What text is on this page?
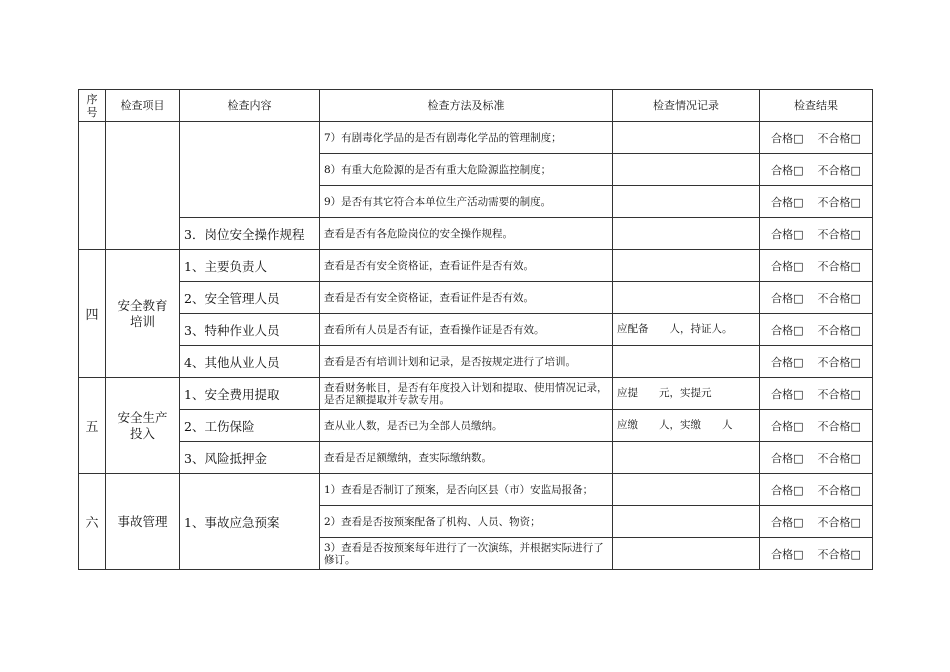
序号	检查项目	检查内容	检查方法及标准	检查情况记录	检查结果
			7）有剧毒化学品的是否有剧毒化学品的管理制度；		合格□ 不合格□
			8）有重大危险源的是否有重大危险源监控制度；		合格□ 不合格□
			9）是否有其它符合本单位生产活动需要的制度。		合格□ 不合格□
		3．岗位安全操作规程	查看是否有各危险岗位的安全操作规程。		合格□ 不合格□
四	安全教育培训	1、主要负责人	查看是否有安全资格证，查看证件是否有效。		合格□ 不合格□
		2、安全管理人员	查看是否有安全资格证，查看证件是否有效。		合格□ 不合格□
		3、特种作业人员	查看所有人员是否有证，查看操作证是否有效。	应配备　　人，持证人。	合格□ 不合格□
		4、其他从业人员	查看是否有培训计划和记录，是否按规定进行了培训。		合格□ 不合格□
五	安全生产投入	1、安全费用提取	查看财务帐目，是否有年度投入计划和提取、使用情况记录，是否足额提取并专款专用。	应提　　元，实提元	合格□ 不合格□
		2、工伤保险	查从业人数，是否已为全部人员缴纳。	应缴　　人，实缴　　人	合格□ 不合格□
		3、风险抵押金	查看是否足额缴纳，查实际缴纳数。		合格□ 不合格□
六	事故管理	1、事故应急预案	1）查看是否制订了预案，是否向区县（市）安监局报备；		合格□ 不合格□
			2）查看是否按预案配备了机构、人员、物资；		合格□ 不合格□
			3）查看是否按预案每年进行了一次演练，并根据实际进行了修订。		合格□ 不合格□
